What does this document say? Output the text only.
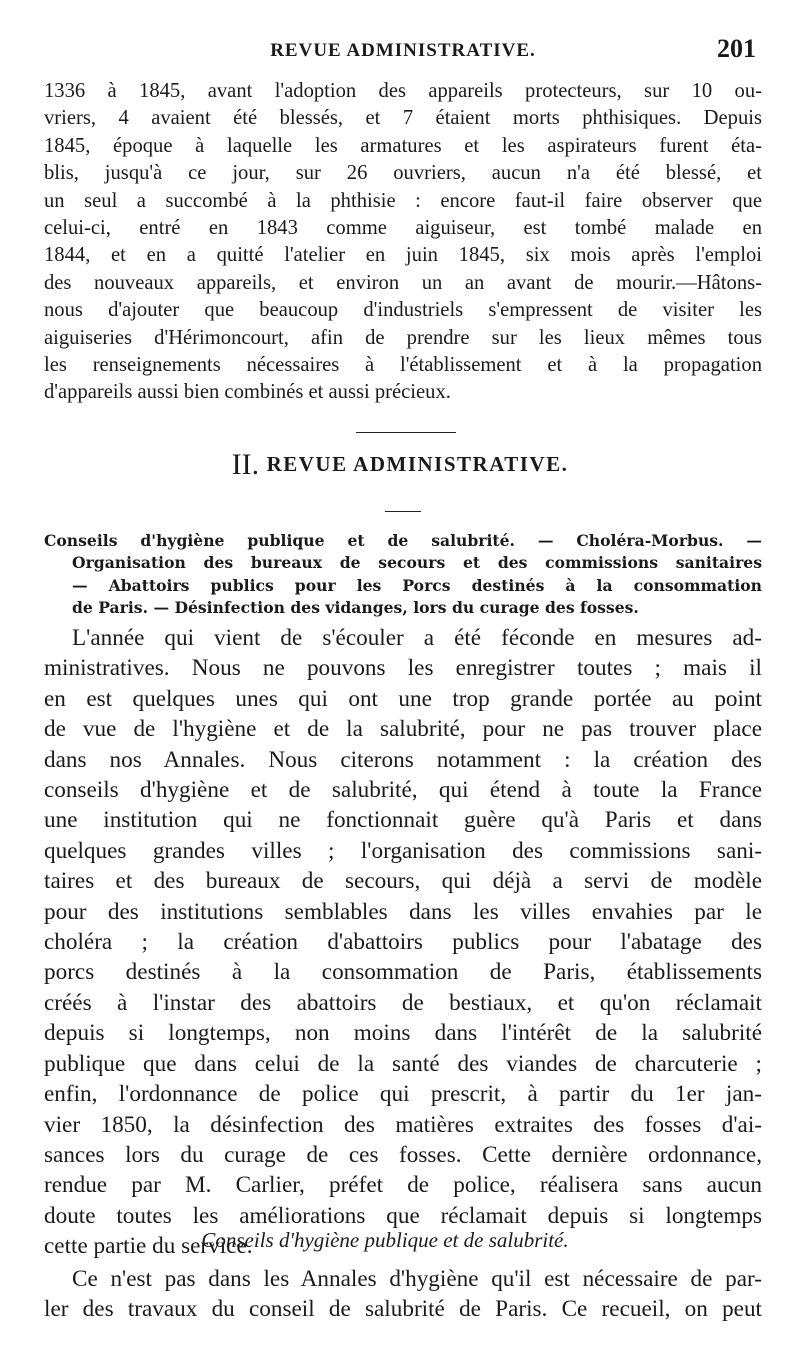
REVUE ADMINISTRATIVE.	201
1336 à 1845, avant l'adoption des appareils protecteurs, sur 10 ou-
vriers, 4 avaient été blessés, et 7 étaient morts phthisiques. Depuis
1845, époque à laquelle les armatures et les aspirateurs furent éta-
blis, jusqu'à ce jour, sur 26 ouvriers, aucun n'a été blessé, et
un seul a succombé à la phthisie : encore faut-il faire observer que
celui-ci, entré en 1843 comme aiguiseur, est tombé malade en
1844, et en a quitté l'atelier en juin 1845, six mois après l'emploi
des nouveaux appareils, et environ un an avant de mourir.—Hâtons-
nous d'ajouter que beaucoup d'industriels s'empressent de visiter les
aiguiseries d'Hérimoncourt, afin de prendre sur les lieux mêmes tous
les renseignements nécessaires à l'établissement et à la propagation
d'appareils aussi bien combinés et aussi précieux.
II. REVUE ADMINISTRATIVE.
Conseils d'hygiène publique et de salubrité. — Choléra-Morbus. —
Organisation des bureaux de secours et des commissions sanitaires
— Abattoirs publics pour les Porcs destinés à la consommation
de Paris. — Désinfection des vidanges, lors du curage des fosses.
L'année qui vient de s'écouler a été féconde en mesures ad-
ministratives. Nous ne pouvons les enregistrer toutes ; mais il
en est quelques unes qui ont une trop grande portée au point
de vue de l'hygiène et de la salubrité, pour ne pas trouver place
dans nos Annales. Nous citerons notamment : la création des
conseils d'hygiène et de salubrité, qui étend à toute la France
une institution qui ne fonctionnait guère qu'à Paris et dans
quelques grandes villes ; l'organisation des commissions sani-
taires et des bureaux de secours, qui déjà a servi de modèle
pour des institutions semblables dans les villes envahies par le
choléra ; la création d'abattoirs publics pour l'abatage des
porcs destinés à la consommation de Paris, établissements
créés à l'instar des abattoirs de bestiaux, et qu'on réclamait
depuis si longtemps, non moins dans l'intérêt de la salubrité
publique que dans celui de la santé des viandes de charcuterie ;
enfin, l'ordonnance de police qui prescrit, à partir du 1er jan-
vier 1850, la désinfection des matières extraites des fosses d'ai-
sances lors du curage de ces fosses. Cette dernière ordonnance,
rendue par M. Carlier, préfet de police, réalisera sans aucun
doute toutes les améliorations que réclamait depuis si longtemps
cette partie du service.
Conseils d'hygiène publique et de salubrité.
Ce n'est pas dans les Annales d'hygiène qu'il est nécessaire de par-
ler des travaux du conseil de salubrité de Paris. Ce recueil, on peut
